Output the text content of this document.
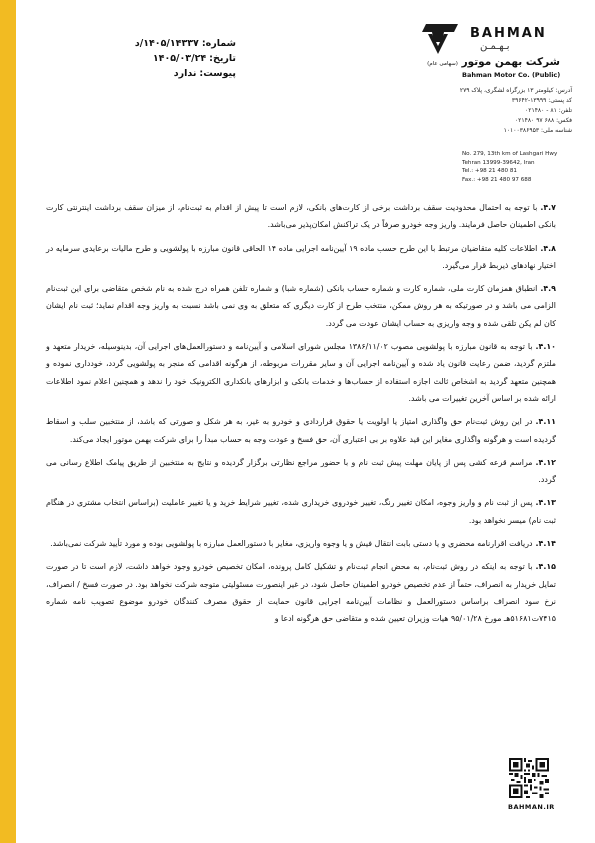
شماره:
۱۴۰۵/۱۴۳۳۷/د
تاریخ:
۱۴۰۵/۰۳/۲۴
پیوست:
ندارد
BAHMAN
بـهـمـن
شرکت بهمن موتور (سهامی عام)
Bahman Motor Co. (Public)
آدرس: کیلومتر ۱۳ بزرگراه لشگری، پلاک ۲۷۹
کد پستی: ۱۳۹۹۹-۳۹۶۴۲
تلفن: ۸۱ - ۰۲۱۴۸۰
فکس: ۶۸۸ ۹۷ ۰۲۱۴۸۰
شناسه ملی: ۱۰۱۰۰۳۸۶۹۵۳
No. 279, 13th km of Lashgari Hwy
Tehran 13999-39642, Iran
Tel.: +98 21 480 81
Fax.: +98 21 480 97 688

۴.۷.با توجه به احتمال محدودیت سقف برداشت برخی از کارت‌های بانکی، لازم است تا پیش از اقدام به ثبت‌نام، از میزان سقف برداشت اینترنتی کارت بانکی اطمینان حاصل فرمایند. واریز وجه خودرو صرفاً در یک تراکنش امکان‌پذیر می‌باشد.

۴.۸.اطلاعات کلیه متقاضیان مرتبط با این طرح حسب ماده ۱۹ آیین‌نامه اجرایی ماده ۱۴ الحاقی قانون مبارزه با پولشویی و طرح مالیات برعایدی سرمایه در اختیار نهادهای ذیربط قرار می‌گیرد.

۴.۹.انطباق همزمان کارت ملی، شماره کارت و شماره حساب بانکی (شماره شبا) و شماره تلفن همراه درج شده به نام شخص متقاضی برای این ثبت‌نام الزامی می باشد و در صورتیکه به هر روش ممکن، منتخب طرح از کارت دیگری که متعلق به وی نمی باشد نسبت به واریز وجه اقدام نماید؛ ثبت نام ایشان کان لم یکن تلقی شده و وجه واریزی به حساب ایشان عودت می گردد.

۴.۱۰.با توجه به قانون مبارزه با پولشویی مصوب ۱۳۸۶/۱۱/۰۲ مجلس شورای اسلامی و آیین‌نامه و دستورالعمل‌های اجرایی آن، بدینوسیله، خریدار متعهد و ملتزم گردید، ضمن رعایت قانون یاد شده و آیین‌نامه اجرایی آن و سایر مقررات مربوطه، از هرگونه اقدامی که منجر به پولشویی گردد، خودداری نموده و همچنین متعهد گردید به اشخاص ثالث اجازه استفاده از حساب‌ها و خدمات بانکی و ابزارهای بانکداری الکترونیک خود را ندهد و همچنین اعلام نمود اطلاعات ارائه شده بر اساس آخرین تغییرات می باشد.

۴.۱۱.در این روش ثبت‌نام حق واگذاری امتیاز یا اولویت یا حقوق قراردادی و خودرو به غیر، به هر شکل و صورتی که باشد، از منتخبین سلب و اسقاط گردیده است و هرگونه واگذاری مغایر این قید علاوه بر بی اعتباری آن، حق فسخ و عودت وجه به حساب مبدأ را برای شرکت بهمن موتور ایجاد می‌کند.

۴.۱۲.مراسم قرعه کشی پس از پایان مهلت پیش ثبت نام و با حضور مراجع نظارتی برگزار گردیده و نتایج به منتخبین از طریق پیامک اطلاع رسانی می گردد.

۴.۱۳.پس از ثبت نام و واریز وجوه، امکان تغییر رنگ، تغییر خودروی خریداری شده، تغییر شرایط خرید و یا تغییر عاملیت (براساس انتخاب مشتری در هنگام ثبت نام) میسر نخواهد بود.

۴.۱۴.دریافت اقرارنامه محضری و یا دستی بابت انتقال فیش و یا وجوه واریزی، مغایر با دستورالعمل مبارزه با پولشویی بوده و مورد تأیید شرکت نمی‌باشد.

۴.۱۵.با توجه به اینکه در روش ثبت‌نام، به محض انجام ثبت‌نام و تشکیل کامل پرونده، امکان تخصیص خودرو وجود خواهد داشت، لازم است تا در صورت تمایل خریدار به انصراف، حتماً از عدم تخصیص خودرو اطمینان حاصل شود، در غیر اینصورت مسئولیتی متوجه شرکت نخواهد بود. در صورت فسخ / انصراف، نرخ سود انصراف براساس دستورالعمل و نظامات آیین‌نامه اجرایی قانون حمایت از حقوق مصرف کنندگان خودرو موضوع تصویب نامه شماره ۷۴۱۵ت۵۱۶۸۱هـ مورخ ۹۵/۰۱/۲۸ هیات وزیران تعیین شده و متقاضی حق هرگونه ادعا و

BAHMAN.IR
